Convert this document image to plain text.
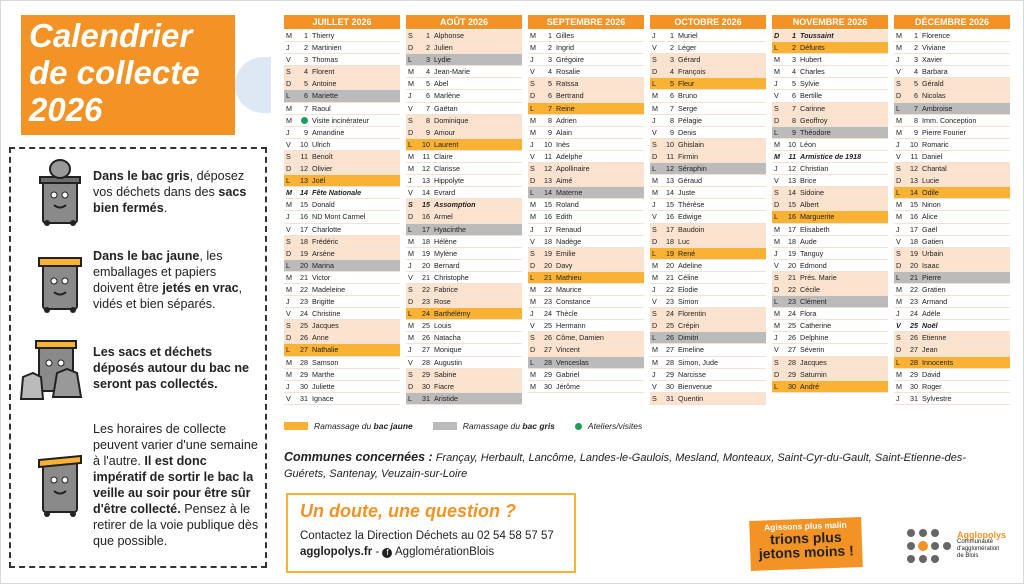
Calendrier
de collecte
2026
Dans le bac gris, déposez vos déchets dans des sacs bien fermés.
Dans le bac jaune, les emballages et papiers doivent être jetés en vrac, vidés et bien séparés.
Les sacs et déchets déposés autour du bac ne seront pas collectés.
Les horaires de collecte peuvent varier d'une semaine à l'autre. Il est donc impératif de sortir le bac la veille au soir pour être sûr d'être collecté. Pensez à le retirer de la voie publique dès que possible.
JUILLET 2026
M	1 Thierry
J	2 Martinien
V	3 Thomas
S	4 Florent
D	5 Antoine
L	6 Mariette
M	7 Raoul
M	Visite incinérateur
J	9 Amandine
V	10 Ulrich
S	11 Benoît
D	12 Olivier
L	13 Joël
M	14 Fête Nationale
M	15 Donald
J	16 ND Mont Carmel
V	17 Charlotte
S	18 Frédéric
D	19 Arsène
L	20 Marina
M	21 Victor
M	22 Madeleine
J	23 Brigitte
V	24 Christine
S	25 Jacques
D	26 Anne
L	27 Nathalie
M	28 Samson
M	29 Marthe
J	30 Juliette
V	31 Ignace
AOÛT 2026
S	1 Alphonse
D	2 Julien
L	3 Lydie
M	4 Jean-Marie
M	5 Abel
J	6 Marlène
V	7 Gaëtan
S	8 Dominique
D	9 Amour
L	10 Laurent
M	11 Claire
M	12 Clarisse
J	13 Hippolyte
V	14 Evrard
S	15 Assomption
D	16 Armel
L	17 Hyacinthe
M	18 Hélène
M	19 Mylène
J	20 Bernard
V	21 Christophe
S	22 Fabrice
D	23 Rose
L	24 Barthélémy
M	25 Louis
M	26 Natacha
J	27 Monique
V	28 Augustin
S	29 Sabine
D	30 Fiacre
L	31 Aristide
SEPTEMBRE 2026
M	1 Gilles
M	2 Ingrid
J	3 Grégoire
V	4 Rosalie
S	5 Raïssa
D	6 Bertrand
L	7 Reine
M	8 Adrien
M	9 Alain
J	10 Inès
V	11 Adelphe
S	12 Apollinaire
D	13 Aimé
L	14 Materne
M	15 Roland
M	16 Edith
J	17 Renaud
V	18 Nadège
S	19 Emilie
D	20 Davy
L	21 Mathieu
M	22 Maurice
M	23 Constance
J	24 Thècle
V	25 Hermann
S	26 Côme, Damien
D	27 Vincent
L	28 Venceslas
M	29 Gabriel
M	30 Jérôme
OCTOBRE 2026
J	1 Muriel
V	2 Léger
S	3 Gérard
D	4 François
L	5 Fleur
M	6 Bruno
M	7 Serge
J	8 Pélagie
V	9 Denis
S	10 Ghislain
D	11 Firmin
L	12 Séraphin
M	13 Géraud
M	14 Juste
J	15 Thérèse
V	16 Edwige
S	17 Baudoin
D	18 Luc
L	19 René
M	20 Adeline
M	21 Céline
J	22 Elodie
V	23 Simon
S	24 Florentin
D	25 Crépin
L	26 Dimitri
M	27 Emeline
M	28 Simon, Jude
J	29 Narcisse
V	30 Bienvenue
S	31 Quentin
NOVEMBRE 2026
D	1 Toussaint
L	2 Défunts
M	3 Hubert
M	4 Charles
J	5 Sylvie
V	6 Bertille
S	7 Carinne
D	8 Geoffroy
L	9 Théodore
M	10 Léon
M	11 Armistice de 1918
J	12 Christian
V	13 Brice
S	14 Sidoine
D	15 Albert
L	16 Marguerite
M	17 Elisabeth
M	18 Aude
J	19 Tanguy
V	20 Edmond
S	21 Prés. Marie
D	22 Cécile
L	23 Clément
M	24 Flora
M	25 Catherine
J	26 Delphine
V	27 Séverin
S	28 Jacques
D	29 Saturnin
L	30 André
DÉCEMBRE 2026
M	1 Florence
M	2 Viviane
J	3 Xavier
V	4 Barbara
S	5 Gérald
D	6 Nicolas
L	7 Ambroise
M	8 Imm. Conception
M	9 Pierre Fourier
J	10 Romaric
V	11 Daniel
S	12 Chantal
D	13 Lucie
L	14 Odile
M	15 Ninon
M	16 Alice
J	17 Gaël
V	18 Gatien
S	19 Urbain
D	20 Isaac
L	21 Pierre
M	22 Gratien
M	23 Armand
J	24 Adèle
V	25 Noël
S	26 Etienne
D	27 Jean
L	28 Innocents
M	29 David
M	30 Roger
J	31 Sylvestre
Ramassage du
bac jaune	Ramassage du
bac gris	Ateliers/visites
Communes concernées : Françay, Herbault, Lancôme, Landes-le-Gaulois, Mesland, Monteaux, Saint-Cyr-du-Gault, Saint-Etienne-des-Guérets, Santenay, Veuzain-sur-Loire
Un doute, une question ?
Contactez la Direction Déchets au 02 54 58 57 57
agglopolys.fr - f AgglomérationBlois
Agissons plus malin
trions plus
jetons moins !
Agglopolys
Communauté
d'agglomération
de Blois
